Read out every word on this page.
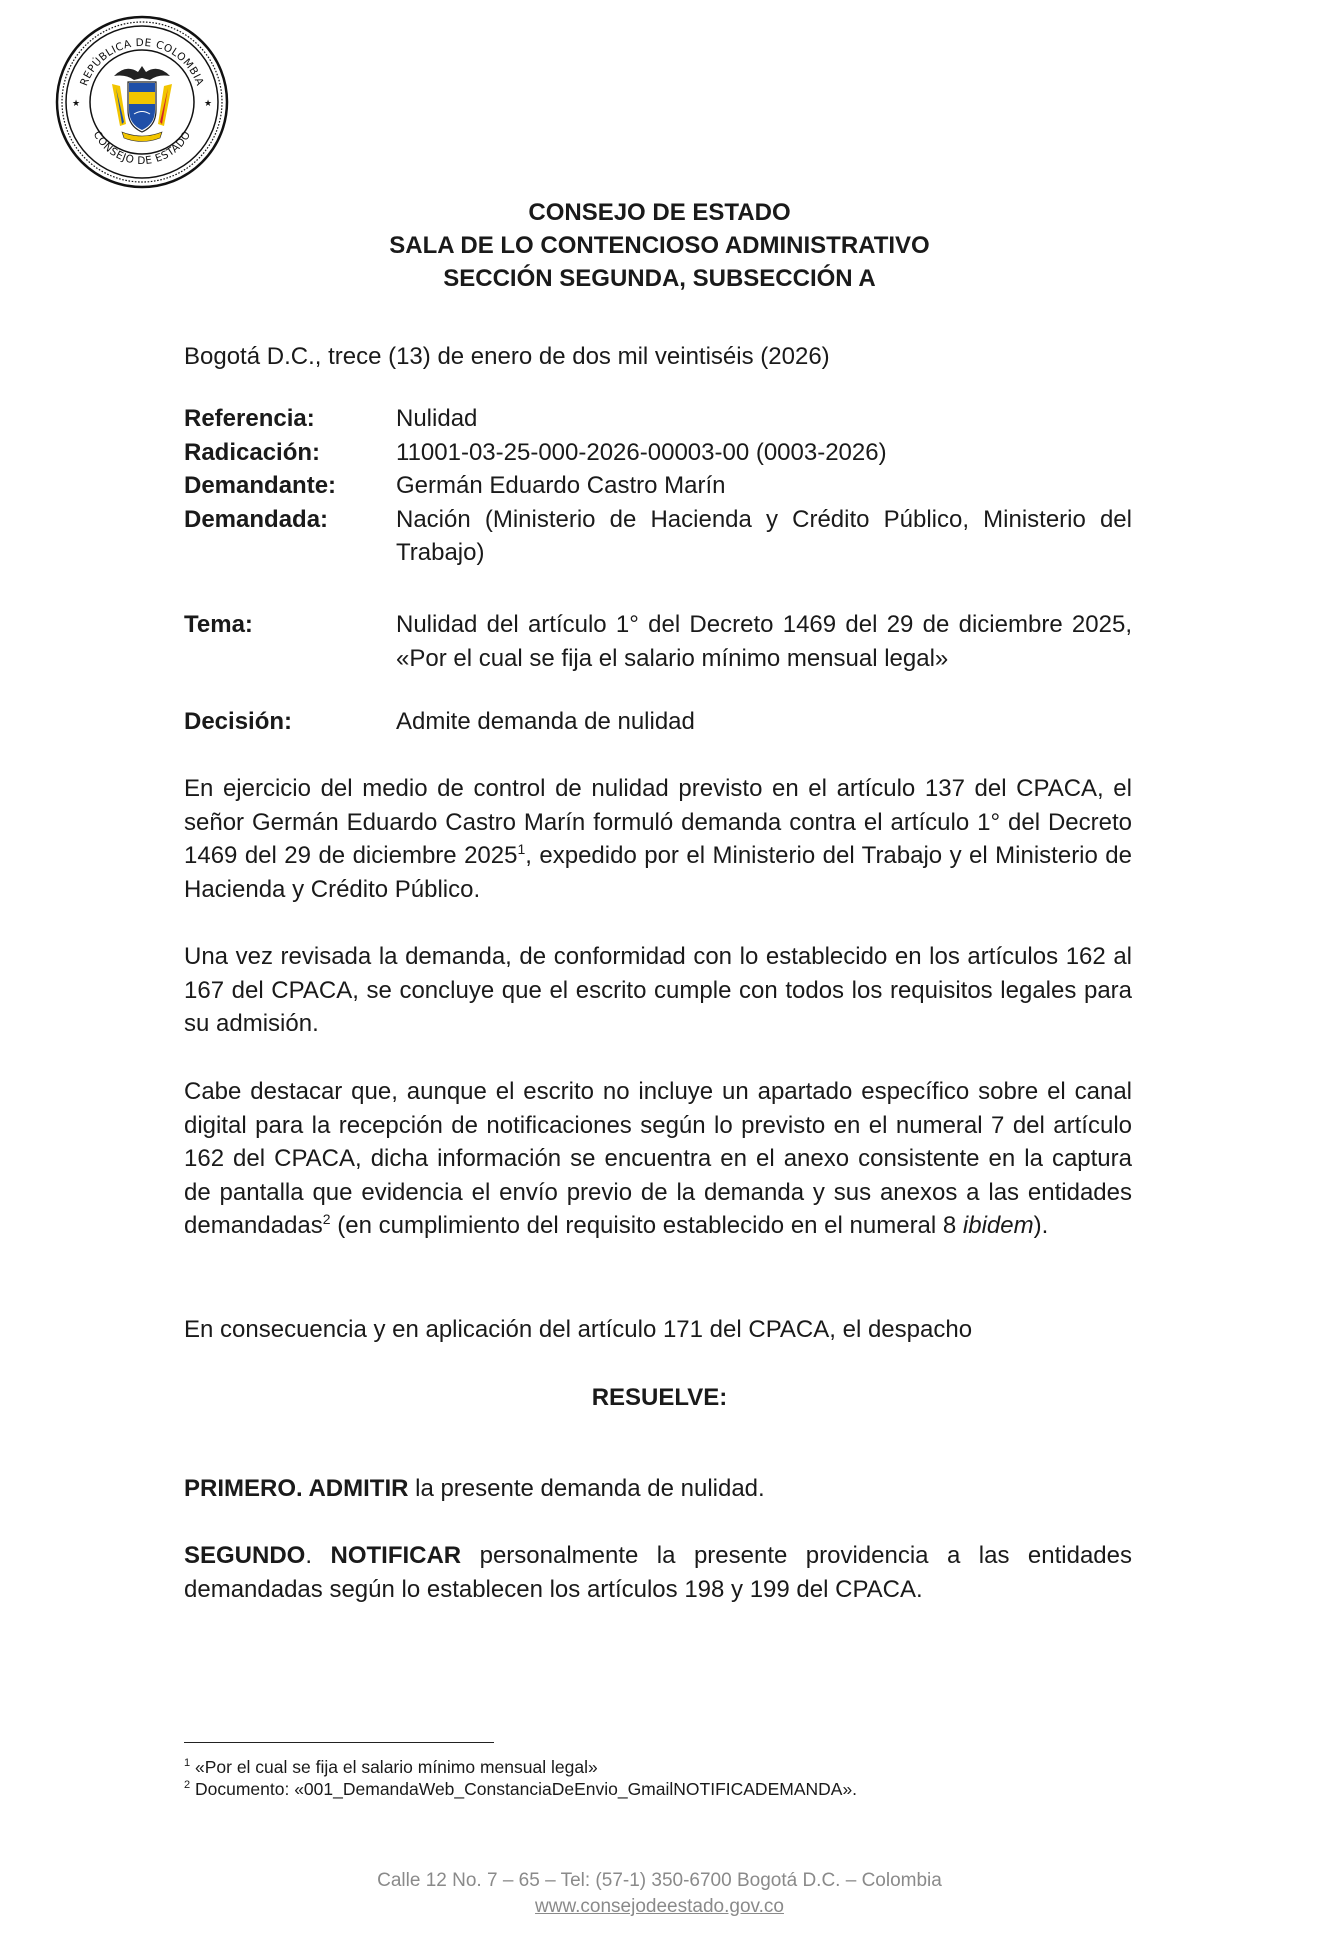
REPÚBLICA DE COLOMBIA
CONSEJO DE ESTADO
★	★
CONSEJO DE ESTADO
SALA DE LO CONTENCIOSO ADMINISTRATIVO
SECCIÓN SEGUNDA, SUBSECCIÓN A
Bogotá D.C., trece (13) de enero de dos mil veintiséis (2026)
Referencia:	Nulidad
Radicación:	11001-03-25-000-2026-00003-00 (0003-2026)
Demandante:	Germán Eduardo Castro Marín
Demandada:	Nación (Ministerio de Hacienda y Crédito Público, Ministerio del Trabajo)
Tema:	Nulidad del artículo 1° del Decreto 1469 del 29 de diciembre 2025, «Por el cual se fija el salario mínimo mensual legal»
Decisión:	Admite demanda de nulidad
En ejercicio del medio de control de nulidad previsto en el artículo 137 del CPACA, el señor Germán Eduardo Castro Marín formuló demanda contra el artículo 1° del Decreto 1469 del 29 de diciembre 2025$^1$, expedido por el Ministerio del Trabajo y el Ministerio de Hacienda y Crédito Público.
Una vez revisada la demanda, de conformidad con lo establecido en los artículos 162 al 167 del CPACA, se concluye que el escrito cumple con todos los requisitos legales para su admisión.
Cabe destacar que, aunque el escrito no incluye un apartado específico sobre el canal digital para la recepción de notificaciones según lo previsto en el numeral 7 del artículo 162 del CPACA, dicha información se encuentra en el anexo consistente en la captura de pantalla que evidencia el envío previo de la demanda y sus anexos a las entidades demandadas$^2$ (en cumplimiento del requisito establecido en el numeral 8 ibidem).
En consecuencia y en aplicación del artículo 171 del CPACA, el despacho
RESUELVE:
PRIMERO. ADMITIR la presente demanda de nulidad.
SEGUNDO. NOTIFICAR personalmente la presente providencia a las entidades demandadas según lo establecen los artículos 198 y 199 del CPACA.
$^1$ «Por el cual se fija el salario mínimo mensual legal»
$^2$ Documento: «001_DemandaWeb_ConstanciaDeEnvio_GmailNOTIFICADEMANDA».
Calle 12 No. 7 – 65 – Tel: (57-1) 350-6700 Bogotá D.C. – Colombia
www.consejodeestado.gov.co
